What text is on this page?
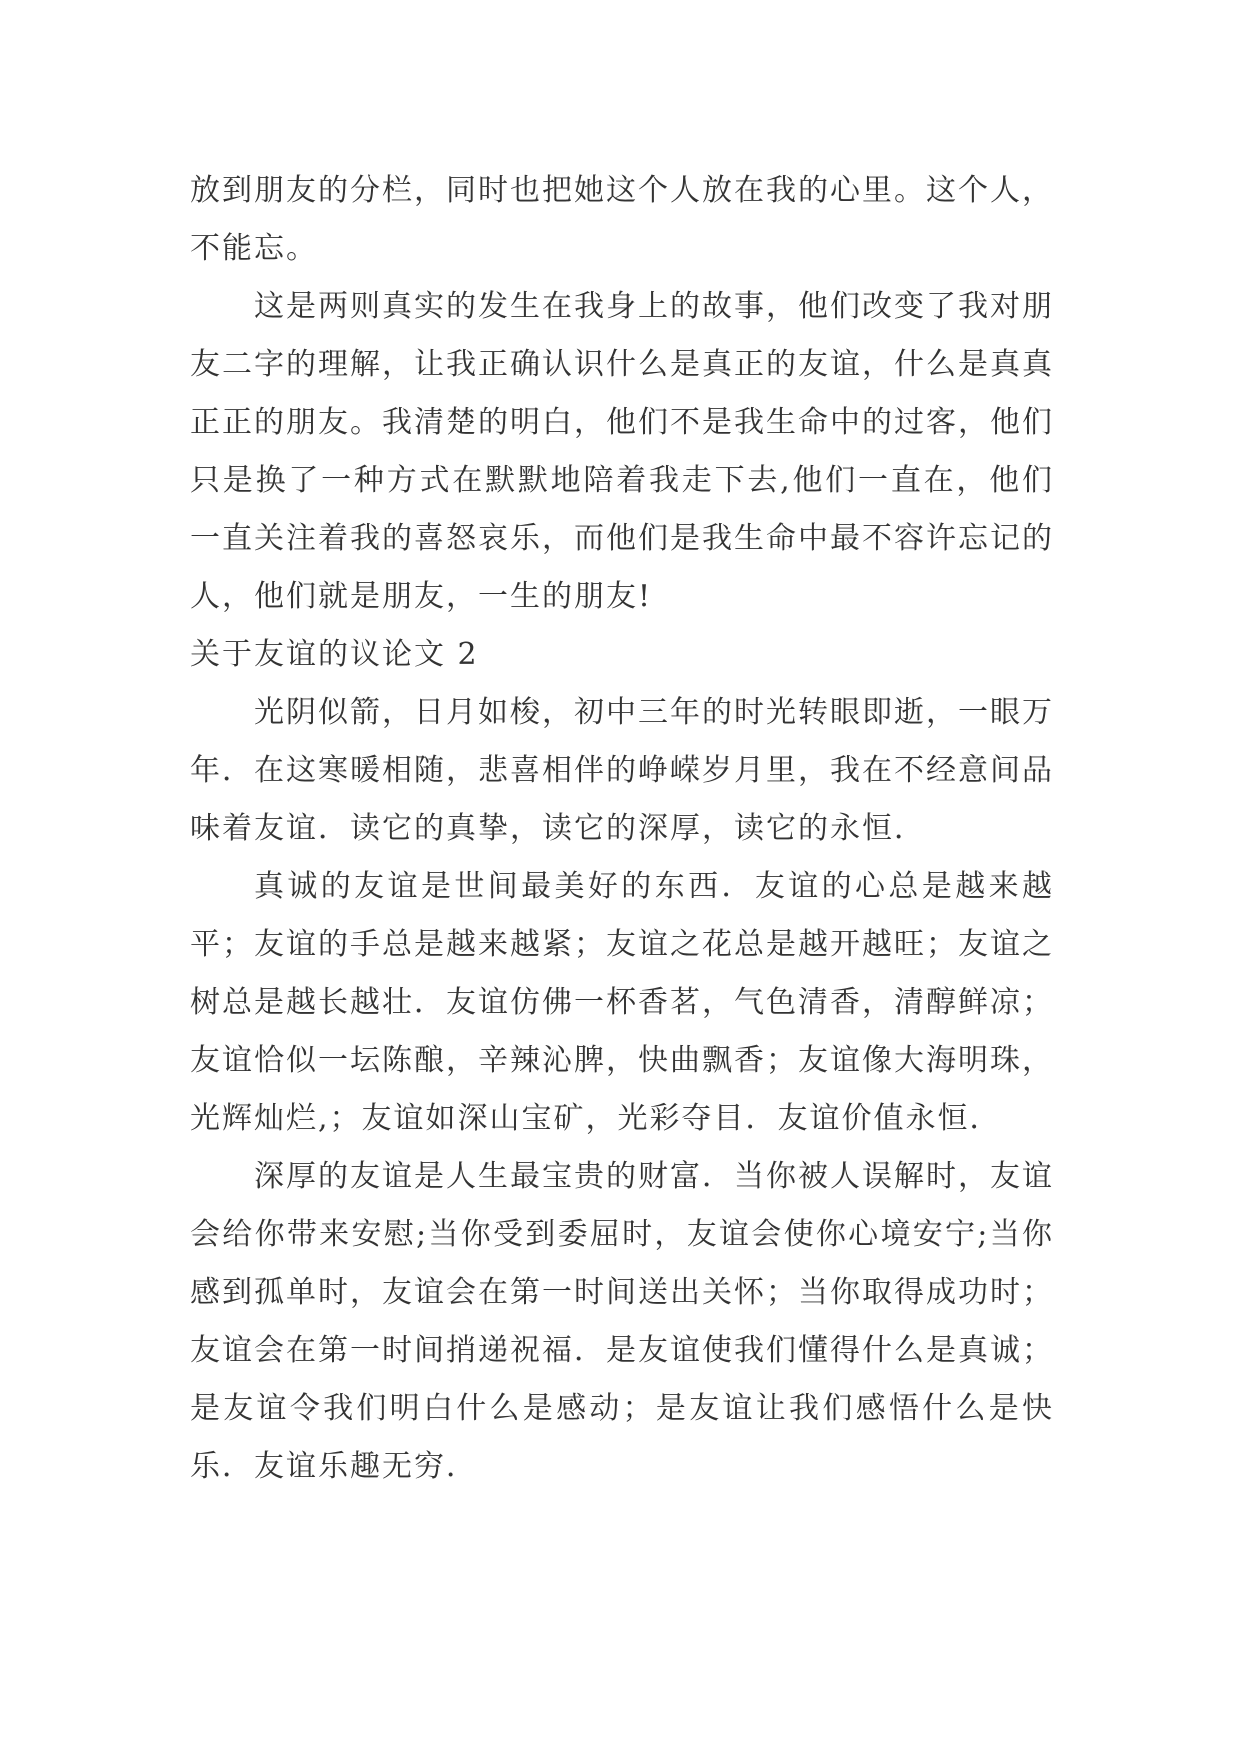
放到朋友的分栏，同时也把她这个人放在我的心里。这个人，不能忘。

这是两则真实的发生在我身上的故事，他们改变了我对朋友二字的理解，让我正确认识什么是真正的友谊，什么是真真正正的朋友。我清楚的明白，他们不是我生命中的过客，他们只是换了一种方式在默默地陪着我走下去,他们一直在，他们一直关注着我的喜怒哀乐，而他们是我生命中最不容许忘记的人，他们就是朋友，一生的朋友!

关于友谊的议论文 2

光阴似箭，日月如梭，初中三年的时光转眼即逝，一眼万年．在这寒暖相随，悲喜相伴的峥嵘岁月里，我在不经意间品味着友谊．读它的真挚，读它的深厚，读它的永恒．

真诚的友谊是世间最美好的东西．友谊的心总是越来越平；友谊的手总是越来越紧；友谊之花总是越开越旺；友谊之树总是越长越壮．友谊仿佛一杯香茗，气色清香，清醇鲜凉；友谊恰似一坛陈酿，辛辣沁脾，快曲飘香；友谊像大海明珠，光辉灿烂,；友谊如深山宝矿，光彩夺目．友谊价值永恒．

深厚的友谊是人生最宝贵的财富．当你被人误解时，友谊会给你带来安慰;当你受到委屈时，友谊会使你心境安宁;当你感到孤单时，友谊会在第一时间送出关怀；当你取得成功时；友谊会在第一时间捎递祝福．是友谊使我们懂得什么是真诚；是友谊令我们明白什么是感动；是友谊让我们感悟什么是快乐．友谊乐趣无穷．
